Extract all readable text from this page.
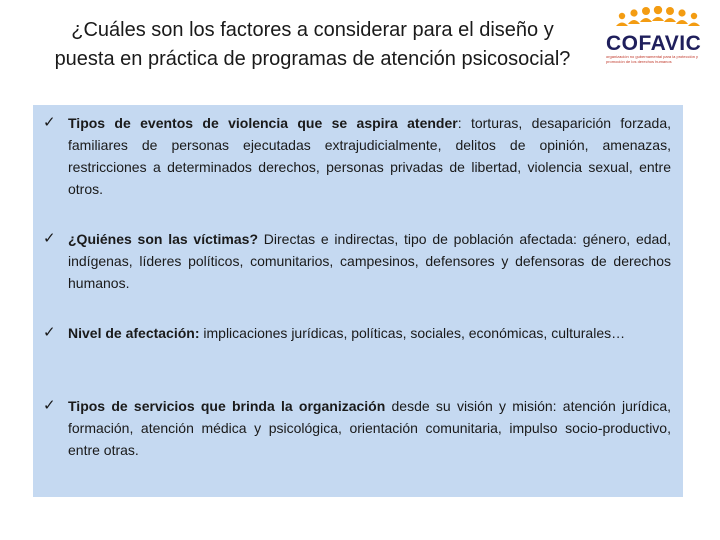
¿Cuáles son los factores a considerar para el diseño y puesta en práctica de programas de atención psicosocial?
COFAVIC
organización no gubernamental para la protección y promoción de los derechos humanos
✓ Tipos de eventos de violencia que se aspira atender: torturas, desaparición forzada, familiares de personas ejecutadas extrajudicialmente, delitos de opinión, amenazas, restricciones a determinados derechos, personas privadas de libertad, violencia sexual, entre otros.
✓ ¿Quiénes son las víctimas? Directas e indirectas, tipo de población afectada: género, edad, indígenas, líderes políticos, comunitarios, campesinos, defensores y defensoras de derechos humanos.
✓ Nivel de afectación: implicaciones jurídicas, políticas, sociales, económicas, culturales…
✓ Tipos de servicios que brinda la organización desde su visión y misión: atención jurídica, formación, atención médica y psicológica, orientación comunitaria, impulso socio-productivo, entre otras.
